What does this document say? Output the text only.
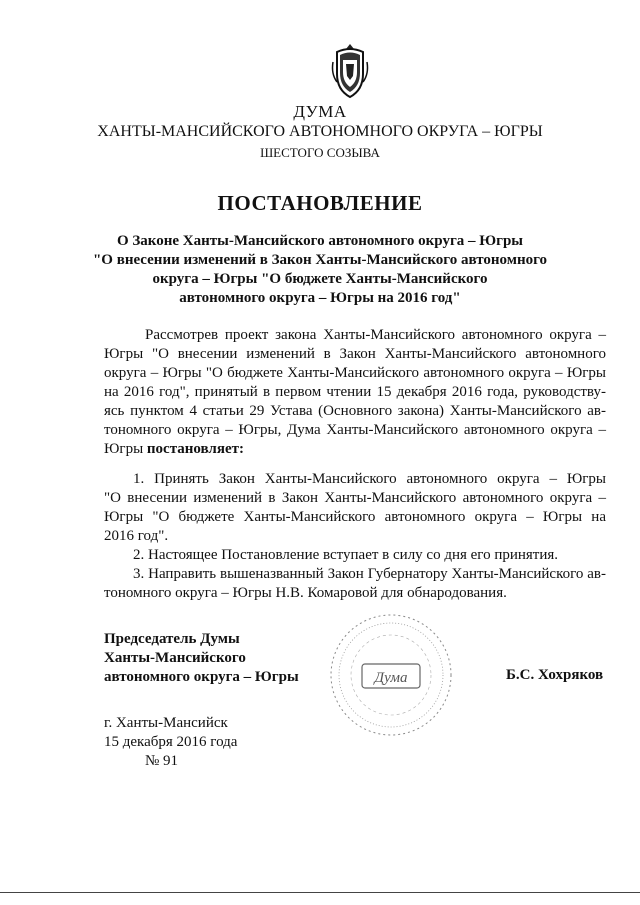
ДУМА
ХАНТЫ-МАНСИЙСКОГО АВТОНОМНОГО ОКРУГА – ЮГРЫ
ШЕСТОГО СОЗЫВА
ПОСТАНОВЛЕНИЕ
О Законе Ханты-Мансийского автономного округа – Югры
"О внесении изменений в Закон Ханты-Мансийского автономного
округа – Югры "О бюджете Ханты-Мансийского
автономного округа – Югры на 2016 год"
Рассмотрев проект закона Ханты-Мансийского автономного округа –
Югры "О внесении изменений в Закон Ханты-Мансийского автономного
округа – Югры "О бюджете Ханты-Мансийского автономного округа – Югры
на 2016 год", принятый в первом чтении 15 декабря 2016 года, руководству-
ясь пунктом 4 статьи 29 Устава (Основного закона) Ханты-Мансийского ав-
тономного округа – Югры, Дума Ханты-Мансийского автономного округа –
Югры постановляет:
1. Принять Закон Ханты-Мансийского автономного округа – Югры
"О внесении изменений в Закон Ханты-Мансийского автономного округа –
Югры "О бюджете Ханты-Мансийского автономного округа – Югры на
2016 год".
2. Настоящее Постановление вступает в силу со дня его принятия.
3. Направить вышеназванный Закон Губернатору Ханты-Мансийского ав-
тономного округа – Югры Н.В. Комаровой для обнародования.
Председатель Думы
Ханты-Мансийского
автономного округа – Югры	Дума	Б.С. Хохряков
г. Ханты-Мансийск
15 декабря 2016 года
№ 91
